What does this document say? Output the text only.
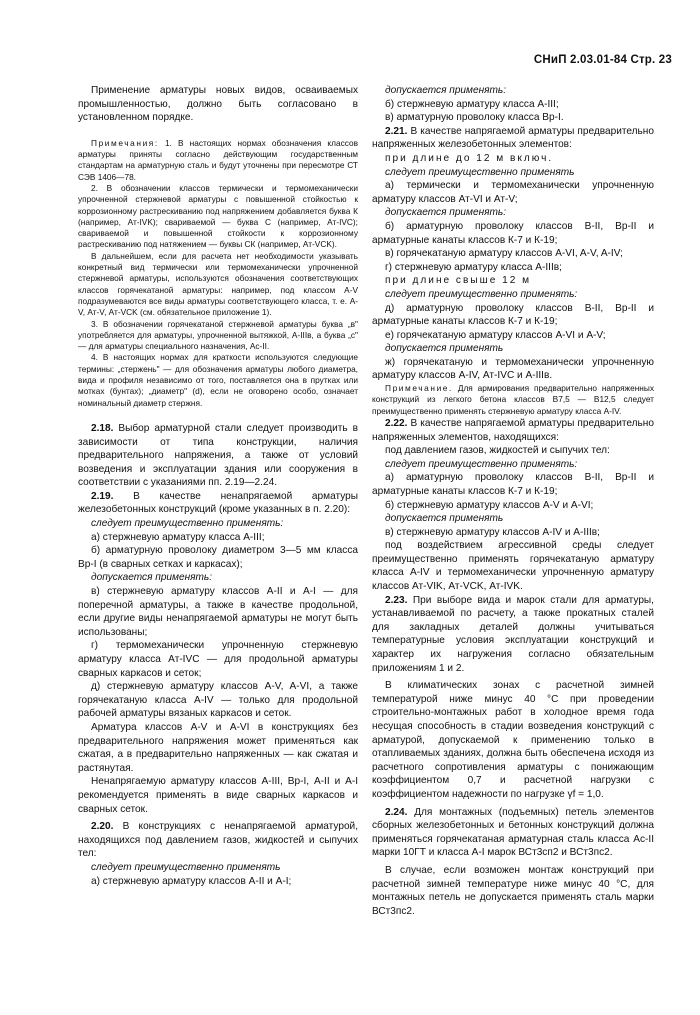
СНиП 2.03.01-84 Стр. 23

Применение арматуры новых видов, осваиваемых промышленностью, должно быть согласовано в установленном порядке.

Примечания: 1. В настоящих нормах обозначения классов арматуры приняты согласно действующим государственным стандартам на арматурную сталь и будут уточнены при пересмотре СТ СЭВ 1406—78.

2. В обозначении классов термически и термомеханически упрочненной стержневой арматуры с повышенной стойкостью к коррозионному растрескиванию под напряжением добавляется буква К (например, Ат-IVK); свариваемой — буква С (например, Ат-IVC); свариваемой и повышенной стойкости к коррозионному растрескиванию под натяжением — буквы СК (например, Ат-VCK).

В дальнейшем, если для расчета нет необходимости указывать конкретный вид термически или термомеханически упрочненной стержневой арматуры, используются обозначения соответствующих классов горячекатаной арматуры: например, под классом A-V подразумеваются все виды арматуры соответствующего класса, т. е. A-V, Ат-V, Ат-VCK (см. обязательное приложение 1).

3. В обозначении горячекатаной стержневой арматуры буква „в" употребляется для арматуры, упрочненной вытяжкой, А-IIIв, а буква „с" — для арматуры специального назначения, Ас-II.

4. В настоящих нормах для краткости используются следующие термины: „стержень" — для обозначения арматуры любого диаметра, вида и профиля независимо от того, поставляется она в прутках или мотках (бунтах); „диаметр" (d), если не оговорено особо, означает номинальный диаметр стержня.

2.18. Выбор арматурной стали следует производить в зависимости от типа конструкции, наличия предварительного напряжения, а также от условий возведения и эксплуатации здания или сооружения в соответствии с указаниями пп. 2.19—2.24.

2.19. В качестве ненапрягаемой арматуры железобетонных конструкций (кроме указанных в п. 2.20):

следует преимущественно применять:

а) стержневую арматуру класса А-III;

б) арматурную проволоку диаметром 3—5 мм класса Вр-I (в сварных сетках и каркасах);

допускается применять:

в) стержневую арматуру классов А-II и А-I — для поперечной арматуры, а также в качестве продольной, если другие виды ненапрягаемой арматуры не могут быть использованы;

г) термомеханически упрочненную стержневую арматуру класса Ат-IVC — для продольной арматуры сварных каркасов и сеток;

д) стержневую арматуру классов A-V, A-VI, а также горячекатаную класса A-IV — только для продольной рабочей арматуры вязаных каркасов и сеток.

Арматура классов A-V и A-VI в конструкциях без предварительного напряжения может применяться как сжатая, а в предварительно напряженных — как сжатая и растянутая.

Ненапрягаемую арматуру классов А-III, Вр-I, А-II и А-I рекомендуется применять в виде сварных каркасов и сварных сеток.

2.20. В конструкциях с ненапрягаемой арматурой, находящихся под давлением газов, жидкостей и сыпучих тел:

следует преимущественно применять

а) стержневую арматуру классов А-II и А-I;

допускается применять:

б) стержневую арматуру класса А-III;

в) арматурную проволоку класса Вр-I.

2.21. В качестве напрягаемой арматуры предварительно напряженных железобетонных элементов:

при длине до 12 м включ.

следует преимущественно применять

а) термически и термомеханически упрочненную арматуру классов Ат-VI и Ат-V;

допускается применять:

б) арматурную проволоку классов B-II, Вр-II и арматурные канаты классов К-7 и К-19;

в) горячекатаную арматуру классов A-VI, A-V, A-IV;

г) стержневую арматуру класса А-IIIв;

при длине свыше 12 м

следует преимущественно применять:

д) арматурную проволоку классов B-II, Вр-II и арматурные канаты классов К-7 и К-19;

е) горячекатаную арматуру классов A-VI и A-V;

допускается применять

ж) горячекатаную и термомеханически упрочненную арматуру классов A-IV, Ат-IVC и А-IIIв.

Примечание. Для армирования предварительно напряженных конструкций из легкого бетона классов В7,5 — В12,5 следует преимущественно применять стержневую арматуру класса A-IV.

2.22. В качестве напрягаемой арматуры предварительно напряженных элементов, находящихся:

под давлением газов, жидкостей и сыпучих тел:

следует преимущественно применять:

а) арматурную проволоку классов B-II, Вр-II и арматурные канаты классов К-7 и К-19;

б) стержневую арматуру классов A-V и A-VI;

допускается применять

в) стержневую арматуру классов A-IV и А-IIIв;

под воздействием агрессивной среды следует преимущественно применять горячекатаную арматуру класса A-IV и термомеханически упрочненную арматуру классов Ат-VIK, Ат-VCK, Ат-IVK.

2.23. При выборе вида и марок стали для арматуры, устанавливаемой по расчету, а также прокатных сталей для закладных деталей должны учитываться температурные условия эксплуатации конструкций и характер их нагружения согласно обязательным приложениям 1 и 2.

В климатических зонах с расчетной зимней температурой ниже минус 40 °С при проведении строительно-монтажных работ в холодное время года несущая способность в стадии возведения конструкций с арматурой, допускаемой к применению только в отапливаемых зданиях, должна быть обеспечена исходя из расчетного сопротивления арматуры с понижающим коэффициентом 0,7 и расчетной нагрузки с коэффициентом надежности по нагрузке γf = 1,0.

2.24. Для монтажных (подъемных) петель элементов сборных железобетонных и бетонных конструкций должна применяться горячекатаная арматурная сталь класса Ас-II марки 10ГТ и класса А-I марок ВСт3сп2 и ВСт3пс2.

В случае, если возможен монтаж конструкций при расчетной зимней температуре ниже минус 40 °С, для монтажных петель не допускается применять сталь марки ВСт3пс2.
